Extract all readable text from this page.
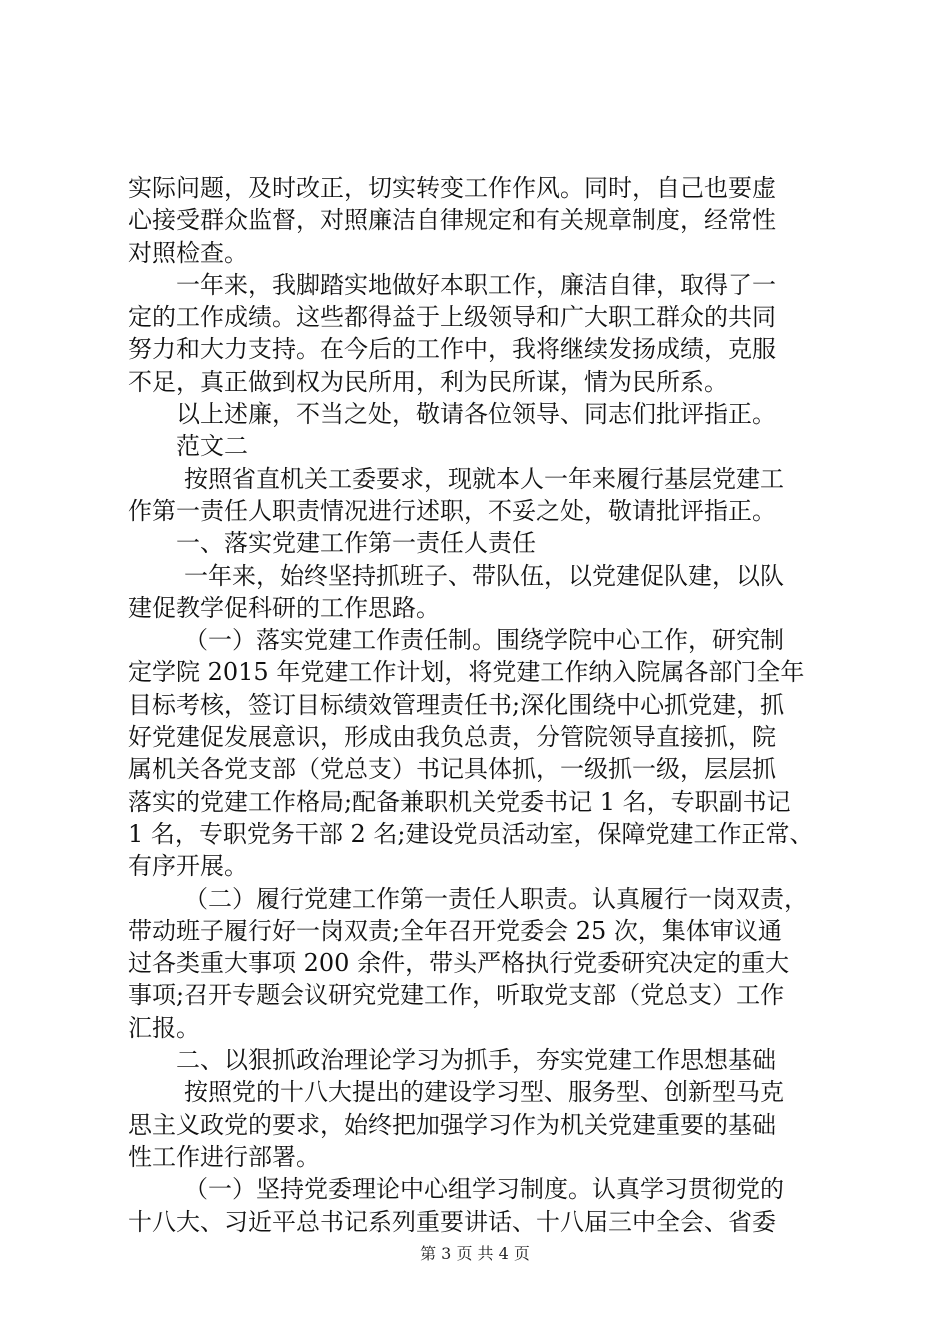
实际问题，及时改正，切实转变工作作风。同时，自己也要虚
心接受群众监督，对照廉洁自律规定和有关规章制度，经常性
对照检查。
一年来，我脚踏实地做好本职工作，廉洁自律，取得了一
定的工作成绩。这些都得益于上级领导和广大职工群众的共同
努力和大力支持。在今后的工作中，我将继续发扬成绩，克服
不足，真正做到权为民所用，利为民所谋，情为民所系。
以上述廉，不当之处，敬请各位领导、同志们批评指正。
范文二
按照省直机关工委要求，现就本人一年来履行基层党建工
作第一责任人职责情况进行述职，不妥之处，敬请批评指正。
一、落实党建工作第一责任人责任
一年来，始终坚持抓班子、带队伍，以党建促队建，以队
建促教学促科研的工作思路。
（一）落实党建工作责任制。围绕学院中心工作，研究制
定学院 2015 年党建工作计划，将党建工作纳入院属各部门全年
目标考核，签订目标绩效管理责任书;深化围绕中心抓党建，抓
好党建促发展意识，形成由我负总责，分管院领导直接抓，院
属机关各党支部（党总支）书记具体抓，一级抓一级，层层抓
落实的党建工作格局;配备兼职机关党委书记 1 名，专职副书记
1 名，专职党务干部 2 名;建设党员活动室，保障党建工作正常、
有序开展。
（二）履行党建工作第一责任人职责。认真履行一岗双责，
带动班子履行好一岗双责;全年召开党委会 25 次，集体审议通
过各类重大事项 200 余件，带头严格执行党委研究决定的重大
事项;召开专题会议研究党建工作，听取党支部（党总支）工作
汇报。
二、以狠抓政治理论学习为抓手，夯实党建工作思想基础
按照党的十八大提出的建设学习型、服务型、创新型马克
思主义政党的要求，始终把加强学习作为机关党建重要的基础
性工作进行部署。
（一）坚持党委理论中心组学习制度。认真学习贯彻党的
十八大、习近平总书记系列重要讲话、十八届三中全会、省委
第 3 页 共 4 页
